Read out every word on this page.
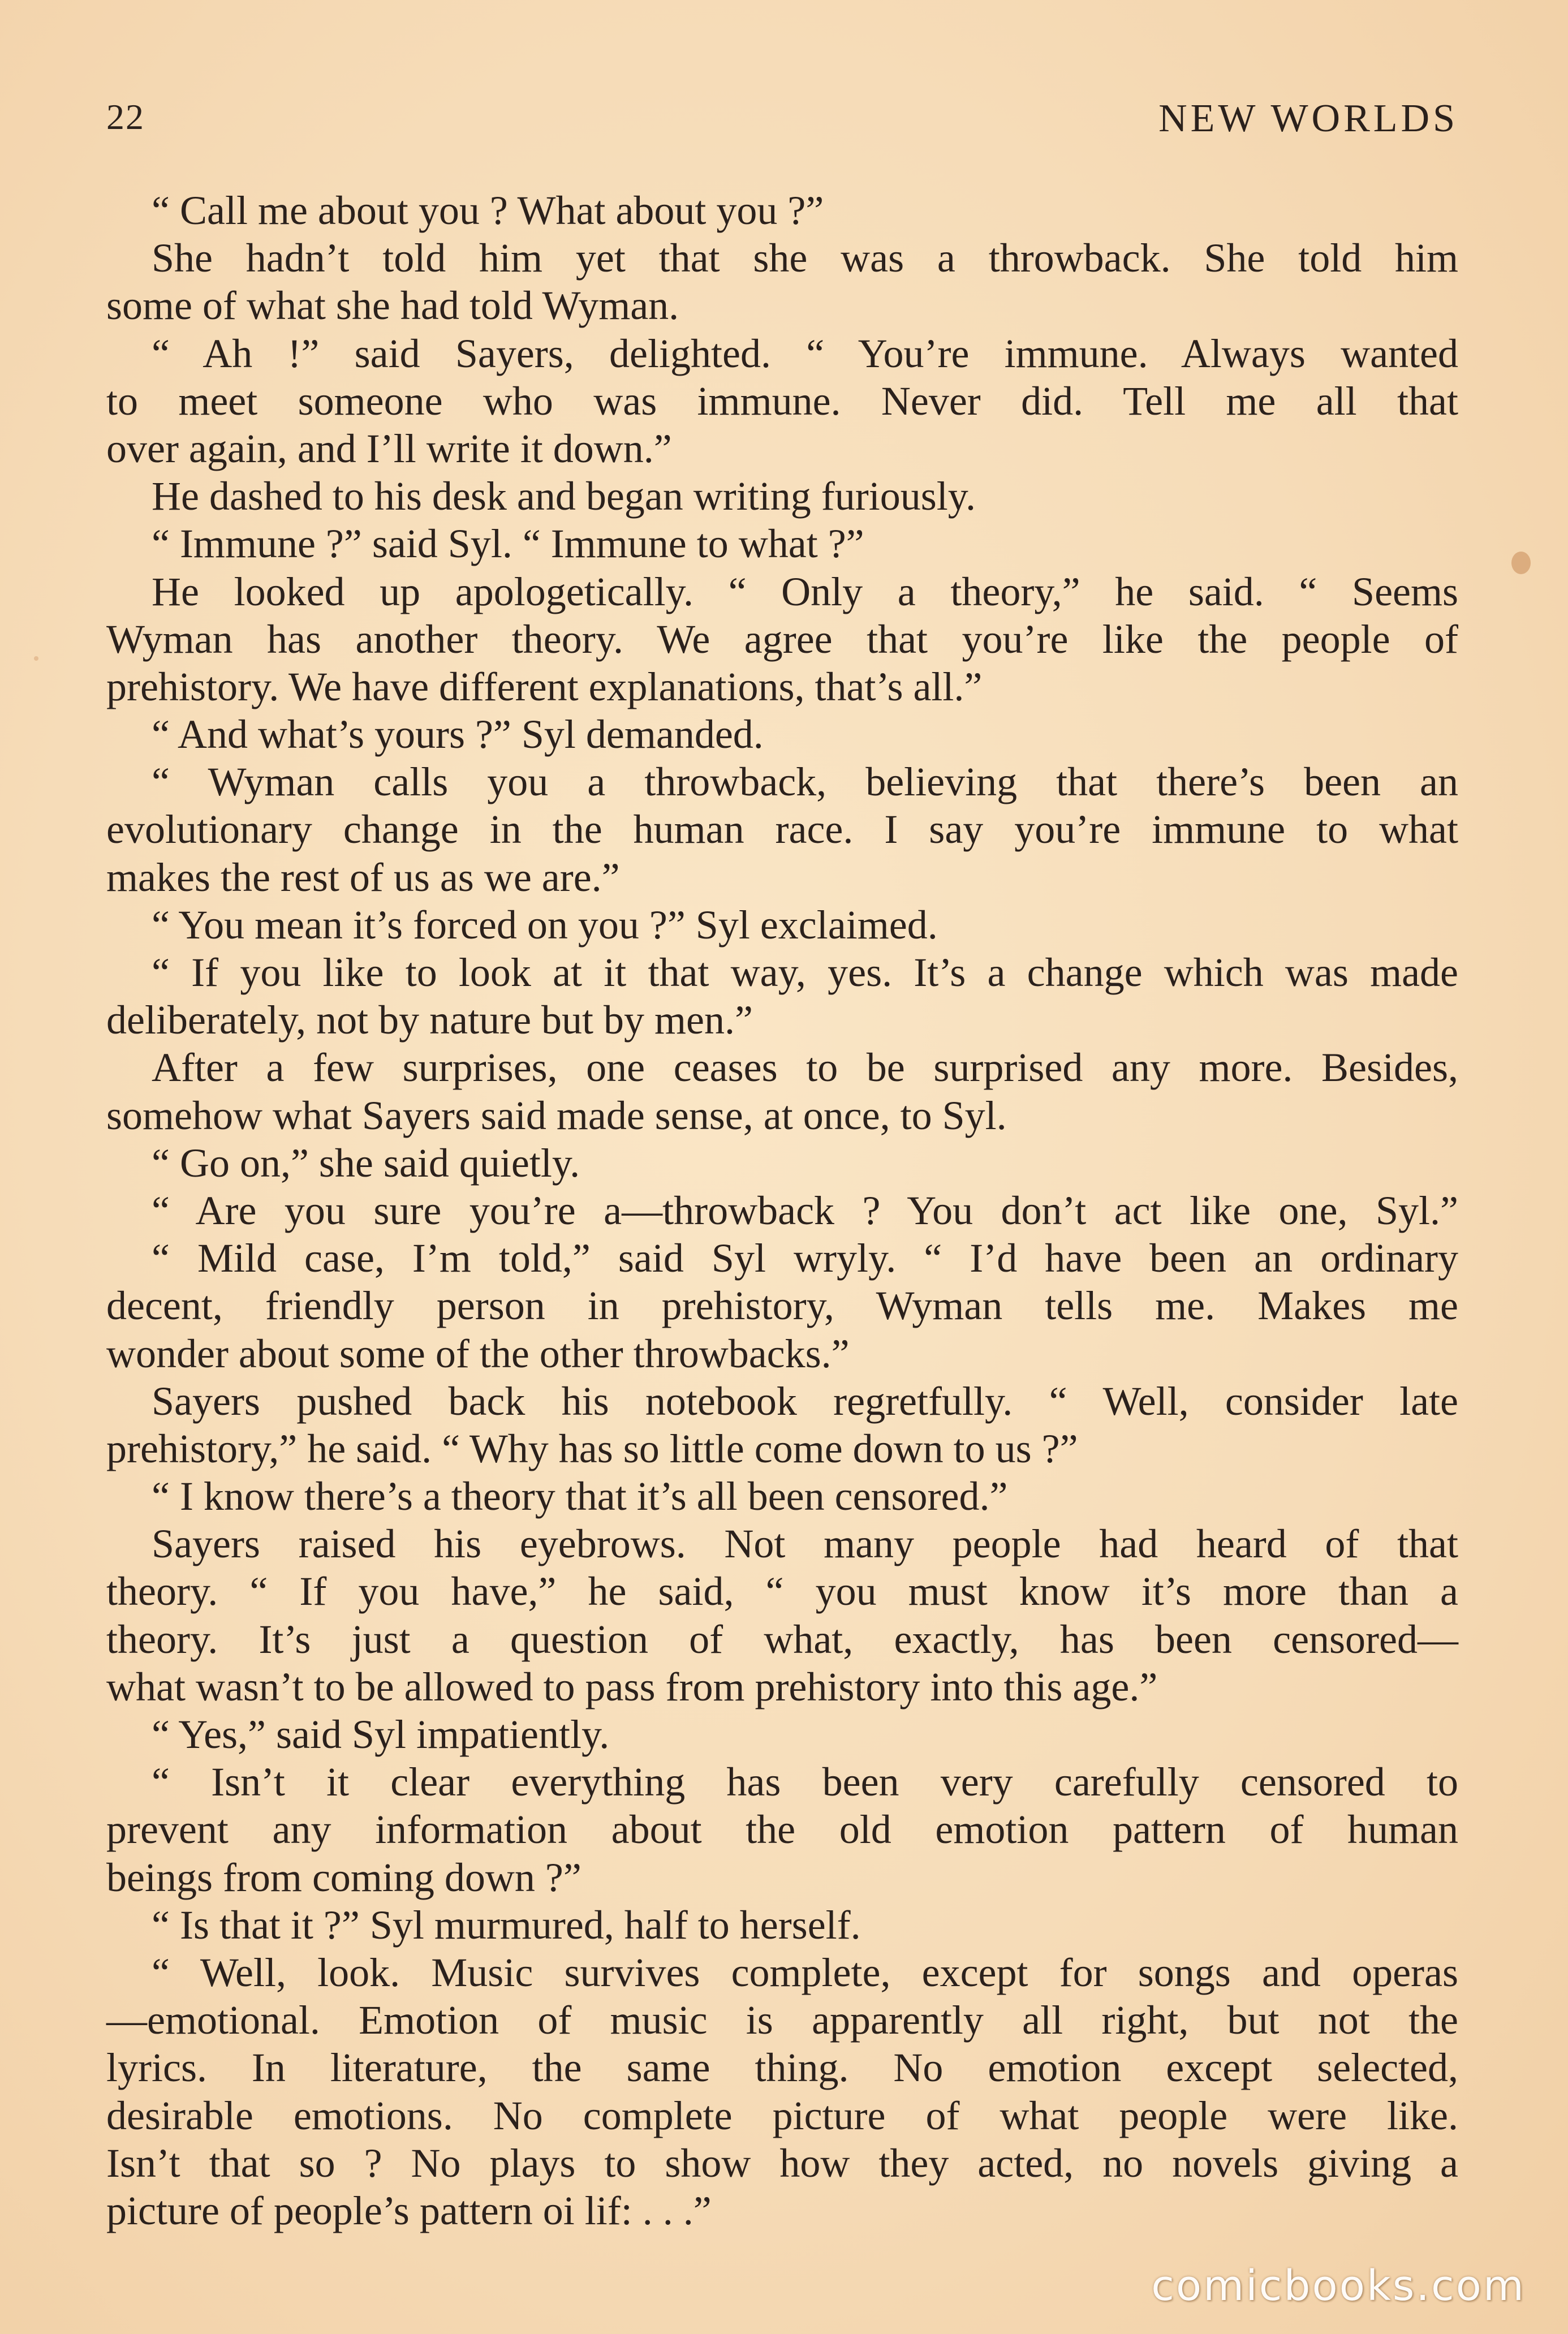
22	NEW WORLDS
“ Call me about you ? What about you ?”
She hadn’t told him yet that she was a throwback. She told him
some of what she had told Wyman.
“ Ah !” said Sayers, delighted. “ You’re immune. Always wanted
to meet someone who was immune. Never did. Tell me all that
over again, and I’ll write it down.”
He dashed to his desk and began writing furiously.
“ Immune ?” said Syl. “ Immune to what ?”
He looked up apologetically. “ Only a theory,” he said. “ Seems
Wyman has another theory. We agree that you’re like the people of
prehistory. We have different explanations, that’s all.”
“ And what’s yours ?” Syl demanded.
“ Wyman calls you a throwback, believing that there’s been an
evolutionary change in the human race. I say you’re immune to what
makes the rest of us as we are.”
“ You mean it’s forced on you ?” Syl exclaimed.
“ If you like to look at it that way, yes. It’s a change which was made
deliberately, not by nature but by men.”
After a few surprises, one ceases to be surprised any more. Besides,
somehow what Sayers said made sense, at once, to Syl.
“ Go on,” she said quietly.
“ Are you sure you’re a—throwback ? You don’t act like one, Syl.”
“ Mild case, I’m told,” said Syl wryly. “ I’d have been an ordinary
decent, friendly person in prehistory, Wyman tells me. Makes me
wonder about some of the other throwbacks.”
Sayers pushed back his notebook regretfully. “ Well, consider late
prehistory,” he said. “ Why has so little come down to us ?”
“ I know there’s a theory that it’s all been censored.”
Sayers raised his eyebrows. Not many people had heard of that
theory. “ If you have,” he said, “ you must know it’s more than a
theory. It’s just a question of what, exactly, has been censored—
what wasn’t to be allowed to pass from prehistory into this age.”
“ Yes,” said Syl impatiently.
“ Isn’t it clear everything has been very carefully censored to
prevent any information about the old emotion pattern of human
beings from coming down ?”
“ Is that it ?” Syl murmured, half to herself.
“ Well, look. Music survives complete, except for songs and operas
—emotional. Emotion of music is apparently all right, but not the
lyrics. In literature, the same thing. No emotion except selected,
desirable emotions. No complete picture of what people were like.
Isn’t that so ? No plays to show how they acted, no novels giving a
picture of people’s pattern oi lif: . . .”
comicbooks.com
